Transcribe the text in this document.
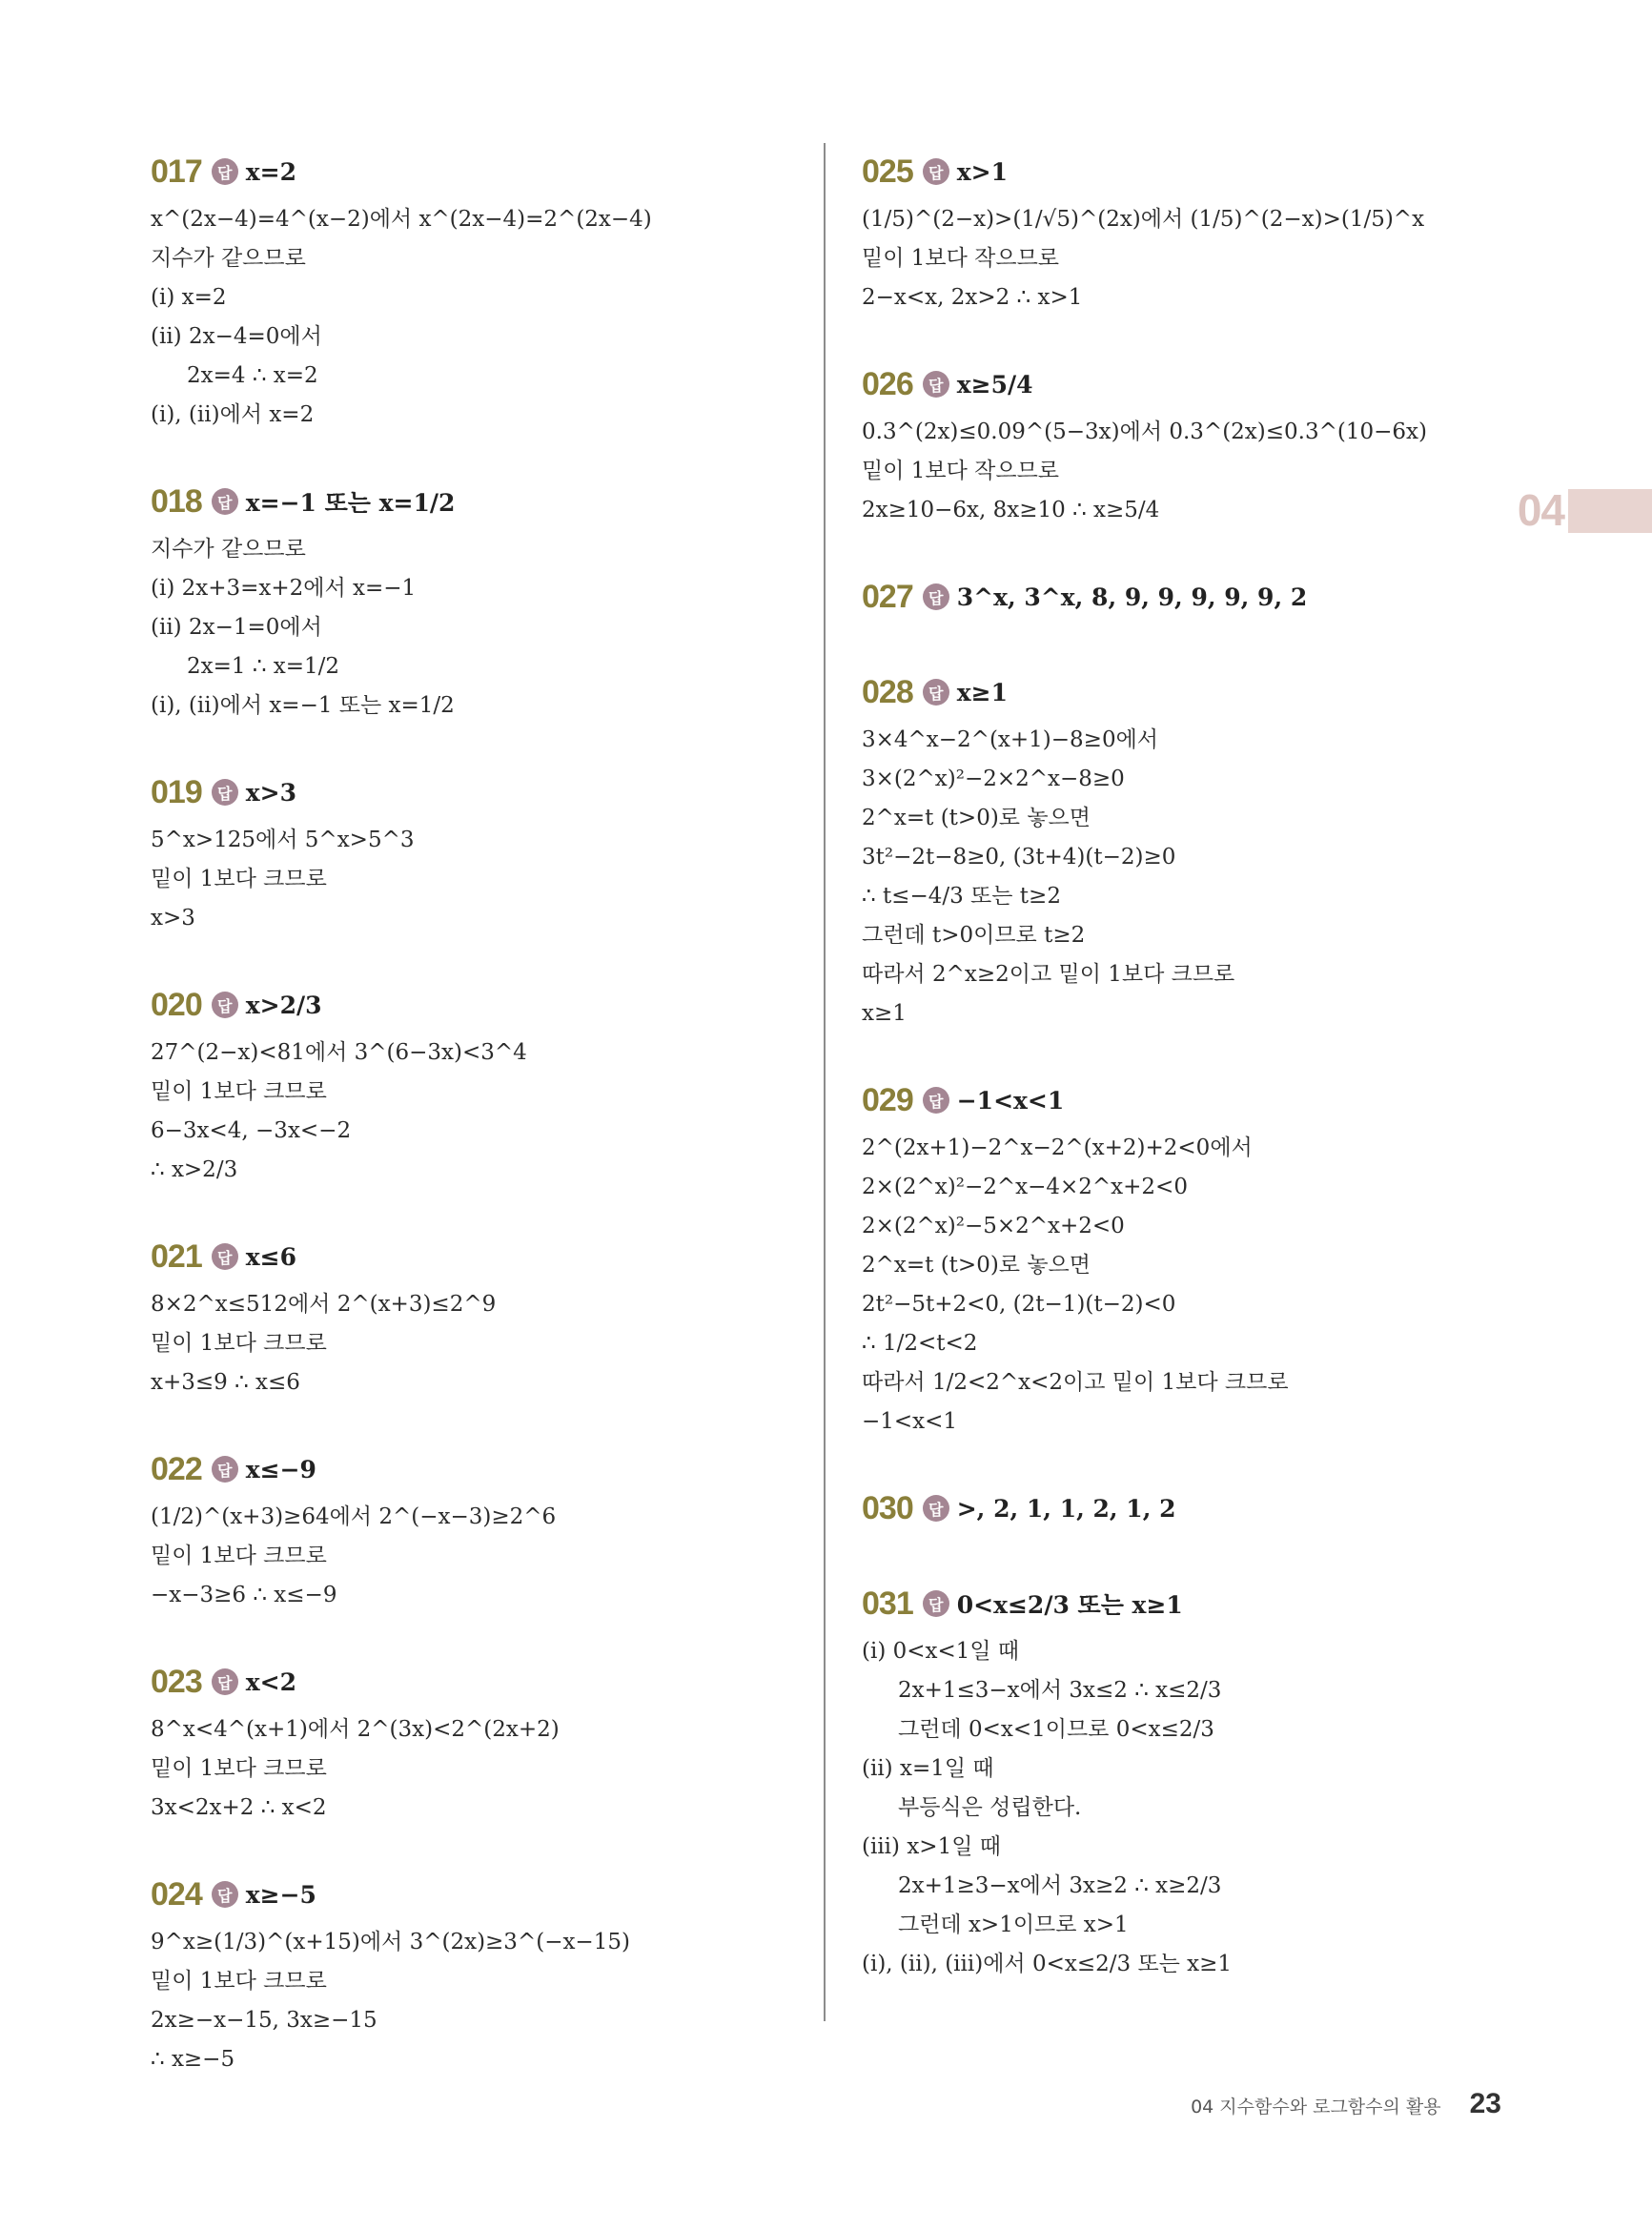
017	답 x=2
x^(2x−4)=4^(x−2)에서 x^(2x−4)=2^(2x−4)
지수가 같으므로
(i) x=2
(ii) 2x−4=0에서
2x=4 ∴ x=2
(i), (ii)에서 x=2
018	답 x=−1 또는 x=1/2
지수가 같으므로
(i) 2x+3=x+2에서 x=−1
(ii) 2x−1=0에서
2x=1 ∴ x=1/2
(i), (ii)에서 x=−1 또는 x=1/2
019	답 x>3
5^x>125에서 5^x>5^3
밑이 1보다 크므로
x>3
020	답 x>2/3
27^(2−x)<81에서 3^(6−3x)<3^4
밑이 1보다 크므로
6−3x<4, −3x<−2
∴ x>2/3
021	답 x≤6
8×2^x≤512에서 2^(x+3)≤2^9
밑이 1보다 크므로
x+3≤9 ∴ x≤6
022	답 x≤−9
(1/2)^(x+3)≥64에서 2^(−x−3)≥2^6
밑이 1보다 크므로
−x−3≥6 ∴ x≤−9
023	답 x<2
8^x<4^(x+1)에서 2^(3x)<2^(2x+2)
밑이 1보다 크므로
3x<2x+2 ∴ x<2
024	답 x≥−5
9^x≥(1/3)^(x+15)에서 3^(2x)≥3^(−x−15)
밑이 1보다 크므로
2x≥−x−15, 3x≥−15
∴ x≥−5
025	답 x>1
(1/5)^(2−x)>(1/√5)^(2x)에서 (1/5)^(2−x)>(1/5)^x
밑이 1보다 작으므로
2−x<x, 2x>2 ∴ x>1
026	답 x≥5/4
0.3^(2x)≤0.09^(5−3x)에서 0.3^(2x)≤0.3^(10−6x)
밑이 1보다 작으므로
2x≥10−6x, 8x≥10 ∴ x≥5/4
027	답 3^x, 3^x, 8, 9, 9, 9, 9, 9, 2
028	답 x≥1
3×4^x−2^(x+1)−8≥0에서
3×(2^x)²−2×2^x−8≥0
2^x=t (t>0)로 놓으면
3t²−2t−8≥0, (3t+4)(t−2)≥0
∴ t≤−4/3 또는 t≥2
그런데 t>0이므로 t≥2
따라서 2^x≥2이고 밑이 1보다 크므로
x≥1
029	답 −1<x<1
2^(2x+1)−2^x−2^(x+2)+2<0에서
2×(2^x)²−2^x−4×2^x+2<0
2×(2^x)²−5×2^x+2<0
2^x=t (t>0)로 놓으면
2t²−5t+2<0, (2t−1)(t−2)<0
∴ 1/2<t<2
따라서 1/2<2^x<2이고 밑이 1보다 크므로
−1<x<1
030	답 >, 2, 1, 1, 2, 1, 2
031	답 0<x≤2/3 또는 x≥1
(i) 0<x<1일 때
2x+1≤3−x에서 3x≤2 ∴ x≤2/3
그런데 0<x<1이므로 0<x≤2/3
(ii) x=1일 때
부등식은 성립한다.
(iii) x>1일 때
2x+1≥3−x에서 3x≥2 ∴ x≥2/3
그런데 x>1이므로 x>1
(i), (ii), (iii)에서 0<x≤2/3 또는 x≥1
04
04 지수함수와 로그함수의 활용 23
